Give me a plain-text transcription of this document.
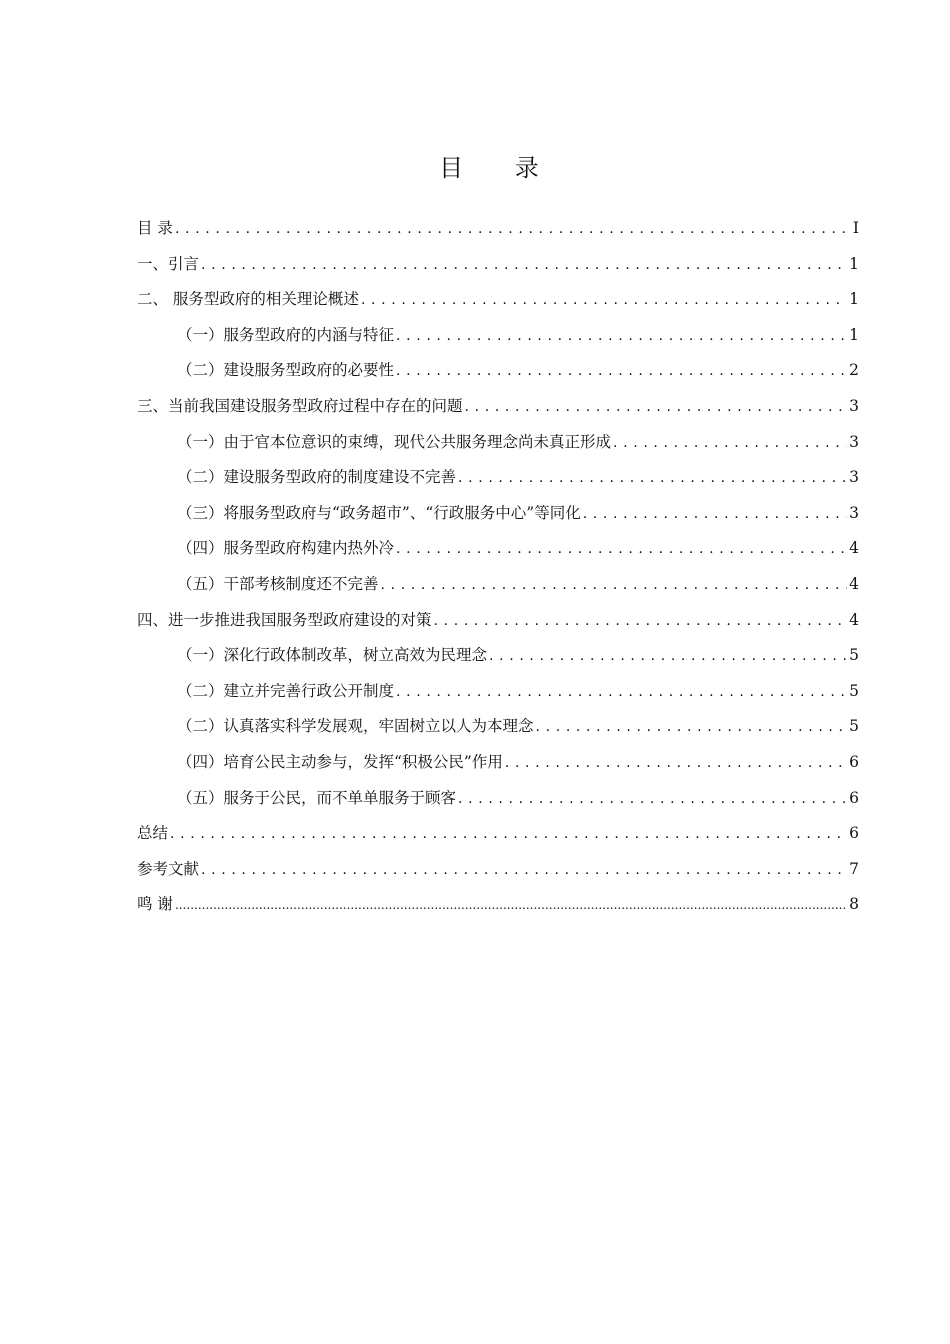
目 录
目 录 . . .	I
一、引言 . . .	1
二、 服务型政府的相关理论概述 . . .	1
（一）服务型政府的内涵与特征 . . .	1
（二）建设服务型政府的必要性 . . .	2
三、当前我国建设服务型政府过程中存在的问题 . . .	3
（一）由于官本位意识的束缚，现代公共服务理念尚未真正形成 . . .	3
（二）建设服务型政府的制度建设不完善 . . .	3
（三）将服务型政府与“政务超市”、“行政服务中心”等同化 . . .	3
（四）服务型政府构建内热外冷 . . .	4
（五）干部考核制度还不完善 . . .	4
四、进一步推进我国服务型政府建设的对策 . . .	4
（一）深化行政体制改革，树立高效为民理念 . . .	5
（二）建立并完善行政公开制度 . . .	5
（二）认真落实科学发展观，牢固树立以人为本理念 . . .	5
（四）培育公民主动参与，发挥“积极公民”作用 . . .	6
（五）服务于公民，而不单单服务于顾客 . . .	6
总结 . . .	6
参考文献 . . .	7
鸣 谢 .....	8
